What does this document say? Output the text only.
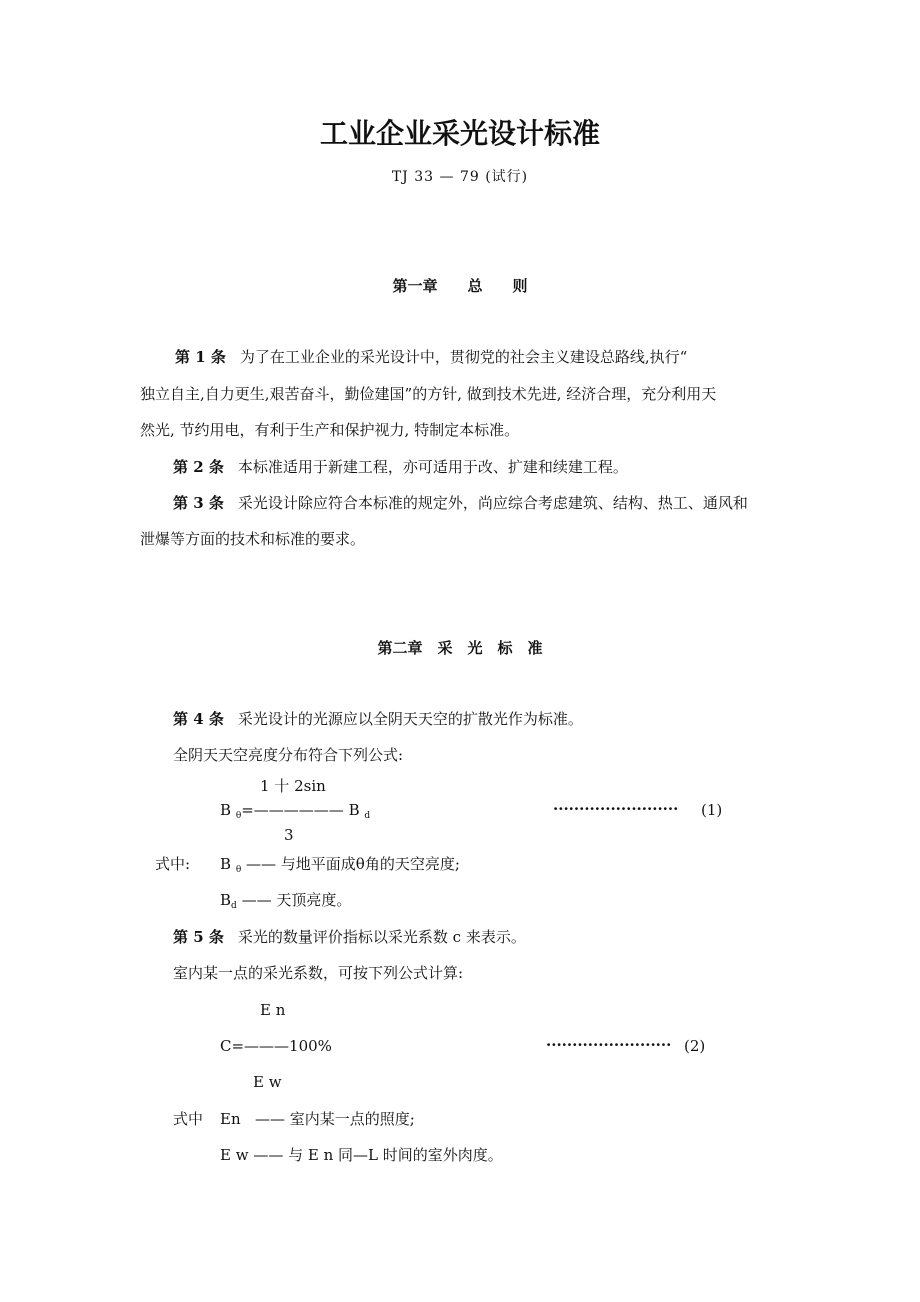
工业企业采光设计标准
TJ 33 — 79 (试行)
第一章　　总　　则
第 1 条 为了在工业企业的采光设计中，贯彻党的社会主义建设总路线,执行“
独立自主,自力更生,艰苦奋斗，勤俭建国”的方针, 做到技术先进, 经济合理，充分利用天
然光, 节约用电，有利于生产和保护视力, 特制定本标准。
第 2 条 本标准适用于新建工程，亦可适用于改、扩建和续建工程。
第 3 条 采光设计除应符合本标准的规定外，尚应综合考虑建筑、结构、热工、通风和
泄爆等方面的技术和标准的要求。
第二章　采　光　标　准
第 4 条 采光设计的光源应以全阴天天空的扩散光作为标准。
全阴天天空亮度分布符合下列公式:
1 十 2sin
B $_\theta$=—————— B $_d$
3
························ (1)
式中: B $_\theta$ —— 与地平面成θ角的天空亮度;
$B_d$ —— 天顶亮度。
第 5 条 采光的数量评价指标以采光系数 c 来表示。
室内某一点的采光系数，可按下列公式计算:
E n
C=———100%
E w
························ (2)
式中 En —— 室内某一点的照度;
E w —— 与 E n 同—L 时间的室外肉度。
